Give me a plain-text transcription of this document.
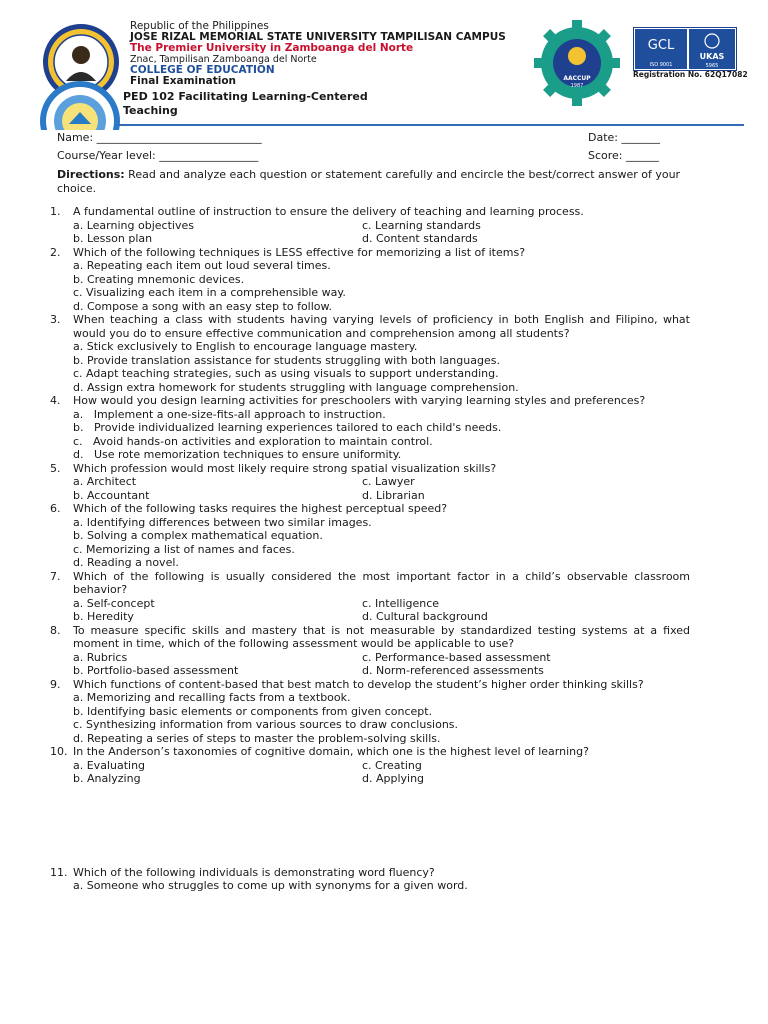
Republic of the Philippines
JOSE RIZAL MEMORIAL STATE UNIVERSITY TAMPILISAN CAMPUS
The Premier University in Zamboanga del Norte
Znac, Tampilisan Zamboanga del Norte
COLLEGE OF EDUCATION
Final Examination	AACCUP
1987
GCL
ISO 9001
UKAS
5965
Registration No. 62Q17082
PED 102 Facilitating Learning-Centered
Teaching
Name: ______________________________	Date: _______
Course/Year level: __________________	Score: ______
Directions: Read and analyze each question or statement carefully and encircle the best/correct answer of your choice.
1.	A fundamental outline of instruction to ensure the delivery of teaching and learning process.
a. Learning objectives	c. Learning standards
b. Lesson plan	d. Content standards
2.	Which of the following techniques is LESS effective for memorizing a list of items?
a. Repeating each item out loud several times.
b. Creating mnemonic devices.
c. Visualizing each item in a comprehensible way.
d. Compose a song with an easy step to follow.
3.	When teaching a class with students having varying levels of proficiency in both English and Filipino, what would you do to ensure effective communication and comprehension among all students?
a. Stick exclusively to English to encourage language mastery.
b. Provide translation assistance for students struggling with both languages.
c. Adapt teaching strategies, such as using visuals to support understanding.
d. Assign extra homework for students struggling with language comprehension.
4.	How would you design learning activities for preschoolers with varying learning styles and preferences?
a.   Implement a one-size-fits-all approach to instruction.
b.   Provide individualized learning experiences tailored to each child's needs.
c.   Avoid hands-on activities and exploration to maintain control.
d.   Use rote memorization techniques to ensure uniformity.
5.	Which profession would most likely require strong spatial visualization skills?
a. Architect	c. Lawyer
b. Accountant	d. Librarian
6.	Which of the following tasks requires the highest perceptual speed?
a. Identifying differences between two similar images.
b. Solving a complex mathematical equation.
c. Memorizing a list of names and faces.
d. Reading a novel.
7.	Which of the following is usually considered the most important factor in a child’s observable classroom behavior?
a. Self-concept	c. Intelligence
b. Heredity	d. Cultural background
8.	To measure specific skills and mastery that is not measurable by standardized testing systems at a fixed moment in time, which of the following assessment would be applicable to use?
a. Rubrics	c. Performance-based assessment
b. Portfolio-based assessment	d. Norm-referenced assessments
9.	Which functions of content-based that best match to develop the student’s higher order thinking skills?
a. Memorizing and recalling facts from a textbook.
b. Identifying basic elements or components from given concept.
c. Synthesizing information from various sources to draw conclusions.
d. Repeating a series of steps to master the problem-solving skills.
10. In the Anderson’s taxonomies of cognitive domain, which one is the highest level of learning?
a. Evaluating	c. Creating
b. Analyzing	d. Applying
11. Which of the following individuals is demonstrating word fluency?
a. Someone who struggles to come up with synonyms for a given word.
